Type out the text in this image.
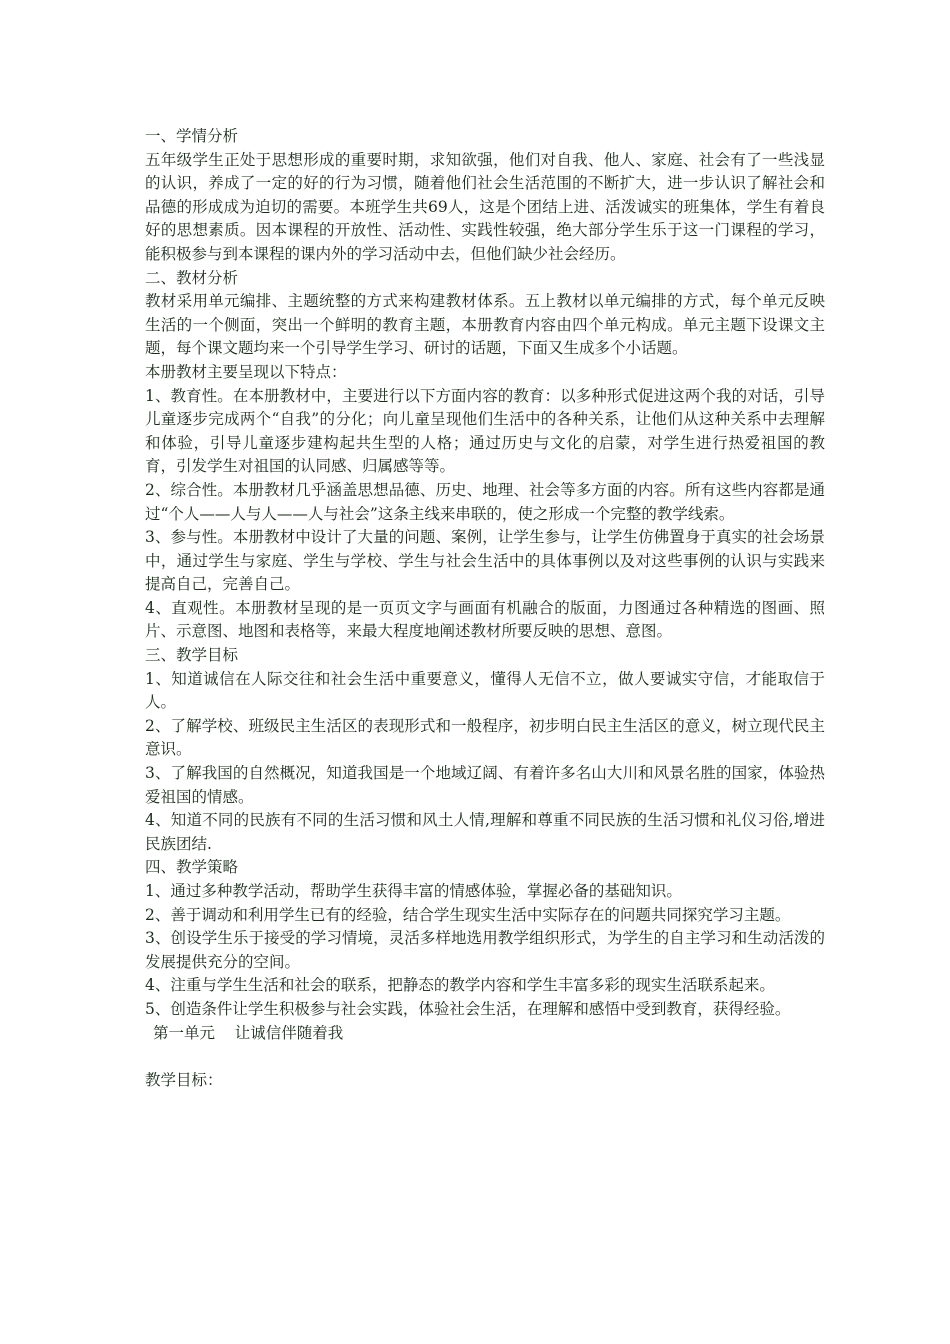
一、学情分析

五年级学生正处于思想形成的重要时期，求知欲强，他们对自我、他人、家庭、社会有了一些浅显的认识，养成了一定的好的行为习惯，随着他们社会生活范围的不断扩大，进一步认识了解社会和品德的形成成为迫切的需要。本班学生共69人，这是个团结上进、活泼诚实的班集体，学生有着良好的思想素质。因本课程的开放性、活动性、实践性较强，绝大部分学生乐于这一门课程的学习，能积极参与到本课程的课内外的学习活动中去，但他们缺少社会经历。

二、教材分析

教材采用单元编排、主题统整的方式来构建教材体系。五上教材以单元编排的方式，每个单元反映生活的一个侧面，突出一个鲜明的教育主题，本册教育内容由四个单元构成。单元主题下设课文主题，每个课文题均来一个引导学生学习、研讨的话题，下面又生成多个小话题。

本册教材主要呈现以下特点：

1、教育性。在本册教材中，主要进行以下方面内容的教育：以多种形式促进这两个我的对话，引导儿童逐步完成两个“自我”的分化；向儿童呈现他们生活中的各种关系，让他们从这种关系中去理解和体验，引导儿童逐步建构起共生型的人格；通过历史与文化的启蒙，对学生进行热爱祖国的教育，引发学生对祖国的认同感、归属感等等。

2、综合性。本册教材几乎涵盖思想品德、历史、地理、社会等多方面的内容。所有这些内容都是通过“个人——人与人——人与社会”这条主线来串联的，使之形成一个完整的教学线索。

3、参与性。本册教材中设计了大量的问题、案例，让学生参与，让学生仿佛置身于真实的社会场景中，通过学生与家庭、学生与学校、学生与社会生活中的具体事例以及对这些事例的认识与实践来提高自己，完善自己。

4、直观性。本册教材呈现的是一页页文字与画面有机融合的版面，力图通过各种精选的图画、照片、示意图、地图和表格等，来最大程度地阐述教材所要反映的思想、意图。

三、教学目标

1、知道诚信在人际交往和社会生活中重要意义，懂得人无信不立，做人要诚实守信，才能取信于人。

2、了解学校、班级民主生活区的表现形式和一般程序，初步明白民主生活区的意义，树立现代民主意识。

3、了解我国的自然概况，知道我国是一个地域辽阔、有着许多名山大川和风景名胜的国家，体验热爱祖国的情感。

4、知道不同的民族有不同的生活习惯和风土人情,理解和尊重不同民族的生活习惯和礼仪习俗,增进民族团结.

四、教学策略

1、通过多种教学活动，帮助学生获得丰富的情感体验，掌握必备的基础知识。

2、善于调动和利用学生已有的经验，结合学生现实生活中实际存在的问题共同探究学习主题。

3、创设学生乐于接受的学习情境，灵活多样地选用教学组织形式，为学生的自主学习和生动活泼的发展提供充分的空间。

4、注重与学生生活和社会的联系，把静态的教学内容和学生丰富多彩的现实生活联系起来。

5、创造条件让学生积极参与社会实践，体验社会生活，在理解和感悟中受到教育，获得经验。

第一单元    让诚信伴随着我

教学目标：
